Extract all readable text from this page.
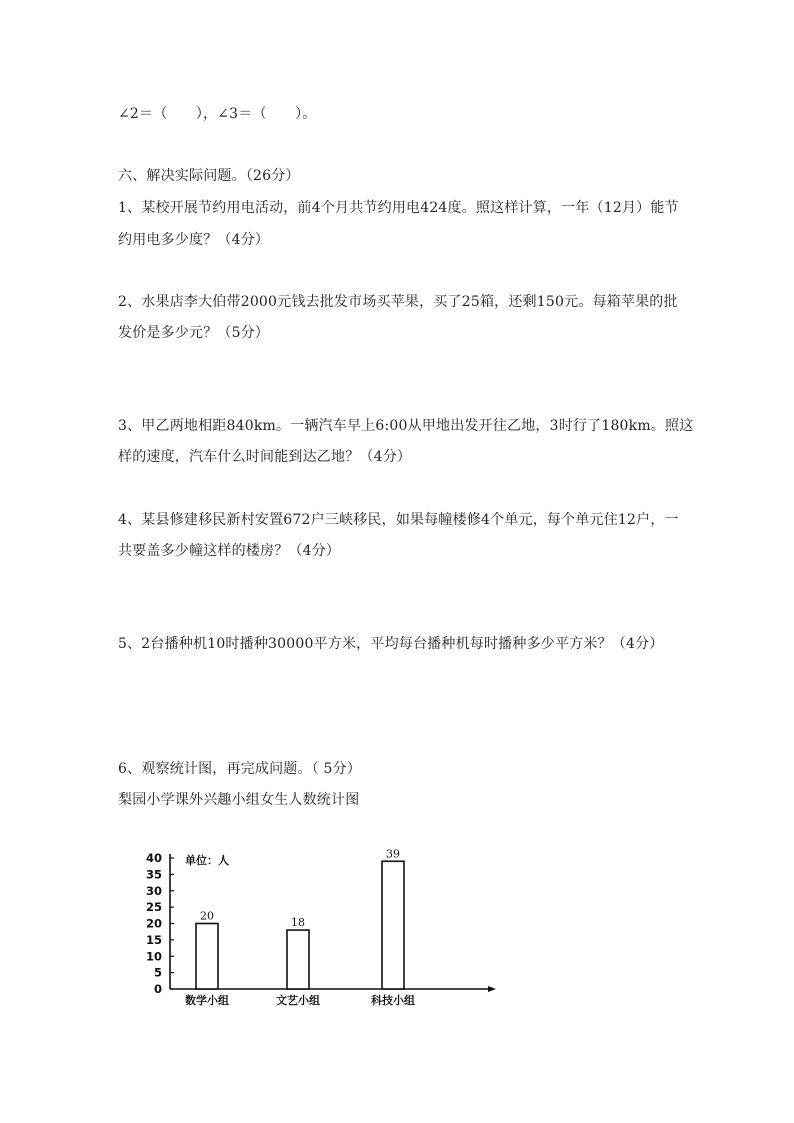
∠2＝（　　），∠3＝（　　）。
六、解决实际问题。（26分）
1、某校开展节约用电活动，前4个月共节约用电424度。照这样计算，一年（12月）能节
约用电多少度？（4分）
2、水果店李大伯带2000元钱去批发市场买苹果，买了25箱，还剩150元。每箱苹果的批
发价是多少元？（5分）
3、甲乙两地相距840km。一辆汽车早上6:00从甲地出发开往乙地，3时行了180km。照这
样的速度，汽车什么时间能到达乙地？（4分）
4、某县修建移民新村安置672户三峡移民，如果每幢楼修4个单元，每个单元住12户，一
共要盖多少幢这样的楼房？（4分）
5、2台播种机10时播种30000平方米，平均每台播种机每时播种多少平方米？（4分）
6、观察统计图，再完成问题。（ 5分）
梨园小学课外兴趣小组女生人数统计图
单位：人
0
5
10
15
20
25
30
35
40
20
数学小组
18
文艺小组
39
科技小组
